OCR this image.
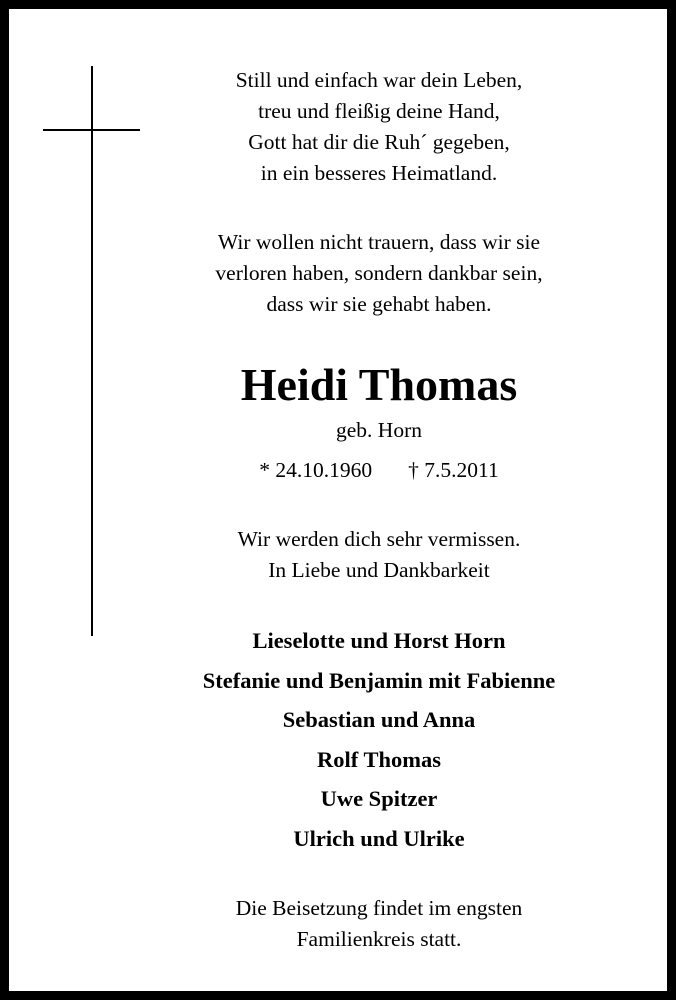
Still und einfach war dein Leben,

treu und fleißig deine Hand,

Gott hat dir die Ruh´ gegeben,

in ein besseres Heimatland.

Wir wollen nicht trauern, dass wir sie

verloren haben, sondern dankbar sein,

dass wir sie gehabt haben.

Heidi Thomas

geb. Horn

* 24.10.1960 † 7.5.2011

Wir werden dich sehr vermissen.

In Liebe und Dankbarkeit

Lieselotte und Horst Horn

Stefanie und Benjamin mit Fabienne

Sebastian und Anna

Rolf Thomas

Uwe Spitzer

Ulrich und Ulrike

Die Beisetzung findet im engsten

Familienkreis statt.
